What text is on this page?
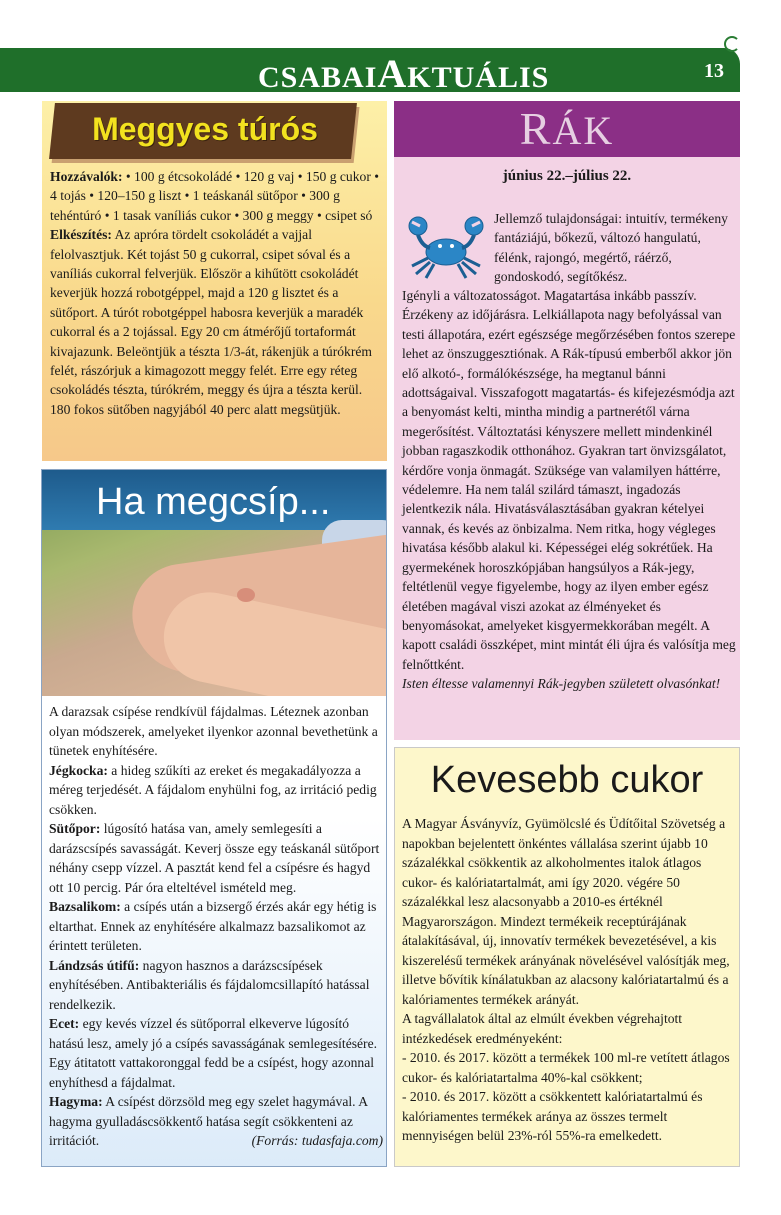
CSABAIAKTUÁLIS	13
Meggyes túrós

Hozzávalók: • 100 g étcsokoládé • 120 g vaj • 150 g cukor • 4 tojás • 120–150 g liszt • 1 teáskanál sütőpor • 300 g tehéntúró • 1 tasak vaníliás cukor • 300 g meggy • csipet só

Elkészítés: Az apróra tördelt csokoládét a vajjal felolvasztjuk. Két tojást 50 g cukorral, csipet sóval és a vaníliás cukorral felverjük. Először a kihűtött csokoládét keverjük hozzá robotgéppel, majd a 120 g lisztet és a sütőport. A túrót robotgéppel habosra keverjük a maradék cukorral és a 2 tojással. Egy 20 cm átmérőjű tortaformát kivajazunk. Beleöntjük a tészta 1/3-át, rákenjük a túrókrém felét, rászórjuk a kimagozott meggy felét. Erre egy réteg csokoládés tészta, túrókrém, meggy és újra a tészta kerül. 180 fokos sütőben nagyjából 40 perc alatt megsütjük.

Ha megcsíp...

A darazsak csípése rendkívül fájdalmas. Léteznek azonban olyan módszerek, amelyeket ilyenkor azonnal bevethetünk a tünetek enyhítésére.

Jégkocka: a hideg szűkíti az ereket és megakadályozza a méreg terjedését. A fájdalom enyhülni fog, az irritáció pedig csökken.

Sütőpor: lúgosító hatása van, amely semlegesíti a darázscsípés savasságát. Keverj össze egy teáskanál sütőport néhány csepp vízzel. A pasztát kend fel a csípésre és hagyd ott 10 percig. Pár óra elteltével ismételd meg.

Bazsalikom: a csípés után a bizsergő érzés akár egy hétig is eltarthat. Ennek az enyhítésére alkalmazz bazsalikomot az érintett területen.

Lándzsás útifű: nagyon hasznos a darázscsípések enyhítésében. Antibakteriális és fájdalomcsillapító hatással rendelkezik.

Ecet: egy kevés vízzel és sütőporral elkeverve lúgosító hatású lesz, amely jó a csípés savasságának semlegesítésére. Egy átitatott vattakoronggal fedd be a csípést, hogy azonnal enyhíthesd a fájdalmat.

Hagyma: A csípést dörzsöld meg egy szelet hagymával. A hagyma gyulladáscsökkentő hatása segít csökkenteni az irritációt.	(Forrás: tudasfaja.com)

RÁK
június 22.–július 22.
Jellemző tulajdonságai: intuitív, termékeny fantáziájú, bőkezű, változó hangulatú, félénk, rajongó, megértő, ráérző, gondoskodó, segítőkész.

Igényli a változatosságot. Magatartása inkább passzív. Érzékeny az időjárásra. Lelkiállapota nagy befolyással van testi állapotára, ezért egészsége megőrzésében fontos szerepe lehet az önszuggesztiónak. A Rák-típusú emberből akkor jön elő alkotó-, formálókészsége, ha megtanul bánni adottságaival. Visszafogott magatartás- és kifejezésmódja azt a benyomást kelti, mintha mindig a partnerétől várna megerősítést. Változtatási kényszere mellett mindenkinél jobban ragaszkodik otthonához. Gyakran tart önvizsgálatot, kérdőre vonja önmagát. Szüksége van valamilyen háttérre, védelemre. Ha nem talál szilárd támaszt, ingadozás jelentkezik nála. Hivatásválasztásában gyakran kételyei vannak, és kevés az önbizalma. Nem ritka, hogy végleges hivatása később alakul ki. Képességei elég sokrétűek. Ha gyermekének horoszkópjában hangsúlyos a Rák-jegy, feltétlenül vegye figyelembe, hogy az ilyen ember egész életében magával viszi azokat az élményeket és benyomásokat, amelyeket kisgyermekkorában megélt. A kapott családi összképet, mint mintát éli újra és valósítja meg felnőttként.

Isten éltesse valamennyi Rák-jegyben született olvasónkat!

Kevesebb cukor

A Magyar Ásványvíz, Gyümölcslé és Üdítőital Szövetség a napokban bejelentett önkéntes vállalása szerint újabb 10 százalékkal csökkentik az alkoholmentes italok átlagos cukor- és kalóriatartalmát, ami így 2020. végére 50 százalékkal lesz alacsonyabb a 2010-es értéknél Magyarországon. Mindezt termékeik receptúrájának átalakításával, új, innovatív termékek bevezetésével, a kis kiszerelésű termékek arányának növelésével valósítják meg, illetve bővítik kínálatukban az alacsony kalóriatartalmú és a kalóriamentes termékek arányát.

A tagvállalatok által az elmúlt években végrehajtott intézkedések eredményeként:

- 2010. és 2017. között a termékek 100 ml-re vetített átlagos cukor- és kalóriatartalma 40%-kal csökkent;

- 2010. és 2017. között a csökkentett kalóriatartalmú és kalóriamentes termékek aránya az összes termelt mennyiségen belül 23%-ról 55%-ra emelkedett.
